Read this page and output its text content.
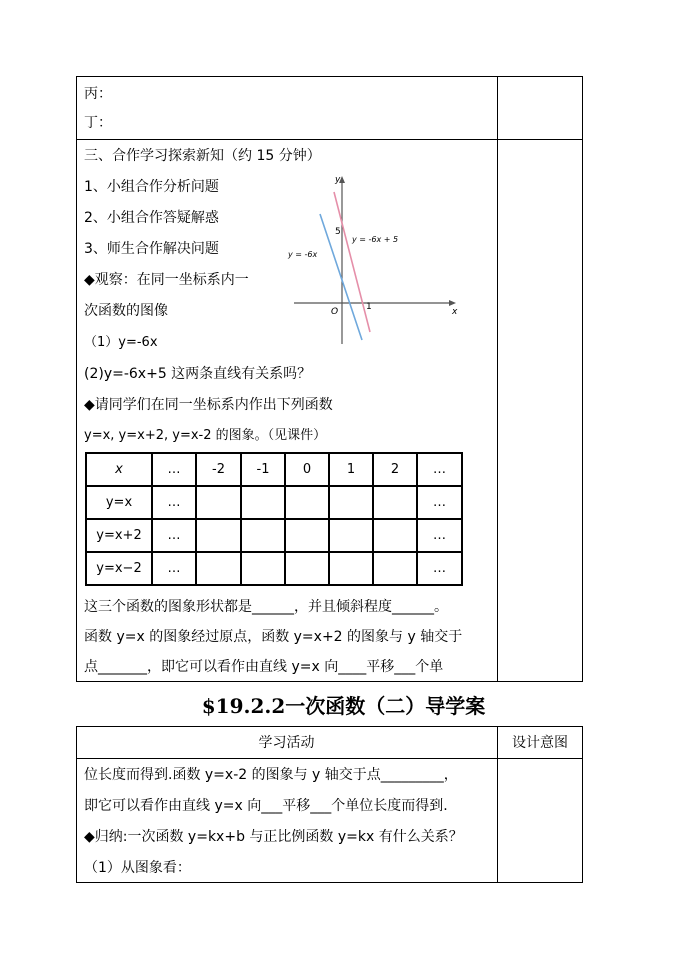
丙：
丁：
三、合作学习探索新知（约 15 分钟）
1、小组合作分析问题
2、小组合作答疑解惑
3、师生合作解决问题
◆观察：在同一坐标系内一
次函数的图像
（1）y=-6x
(2)y=-6x+5 这两条直线有关系吗？
◆请同学们在同一坐标系内作出下列函数
y=x, y=x+2, y=x-2 的图象。（见课件）
x
y
O	1
5
y = -6x
y = -6x + 5
x	…	-2	-1	0	1	2	…
y=x	…						…
y=x+2	…						…
y=x−2	…						…
这三个函数的图象形状都是______，并且倾斜程度______。
函数 y=x 的图象经过原点，函数 y=x+2 的图象与 y 轴交于
点_______，即它可以看作由直线 y=x 向____平移___个单
$19.2.2一次函数（二）导学案
学习活动	设计意图
位长度而得到.函数 y=x-2 的图象与 y 轴交于点_________，
即它可以看作由直线 y=x 向___平移___个单位长度而得到.
◆归纳:一次函数 y=kx+b 与正比例函数 y=kx 有什么关系？
（1）从图象看：
